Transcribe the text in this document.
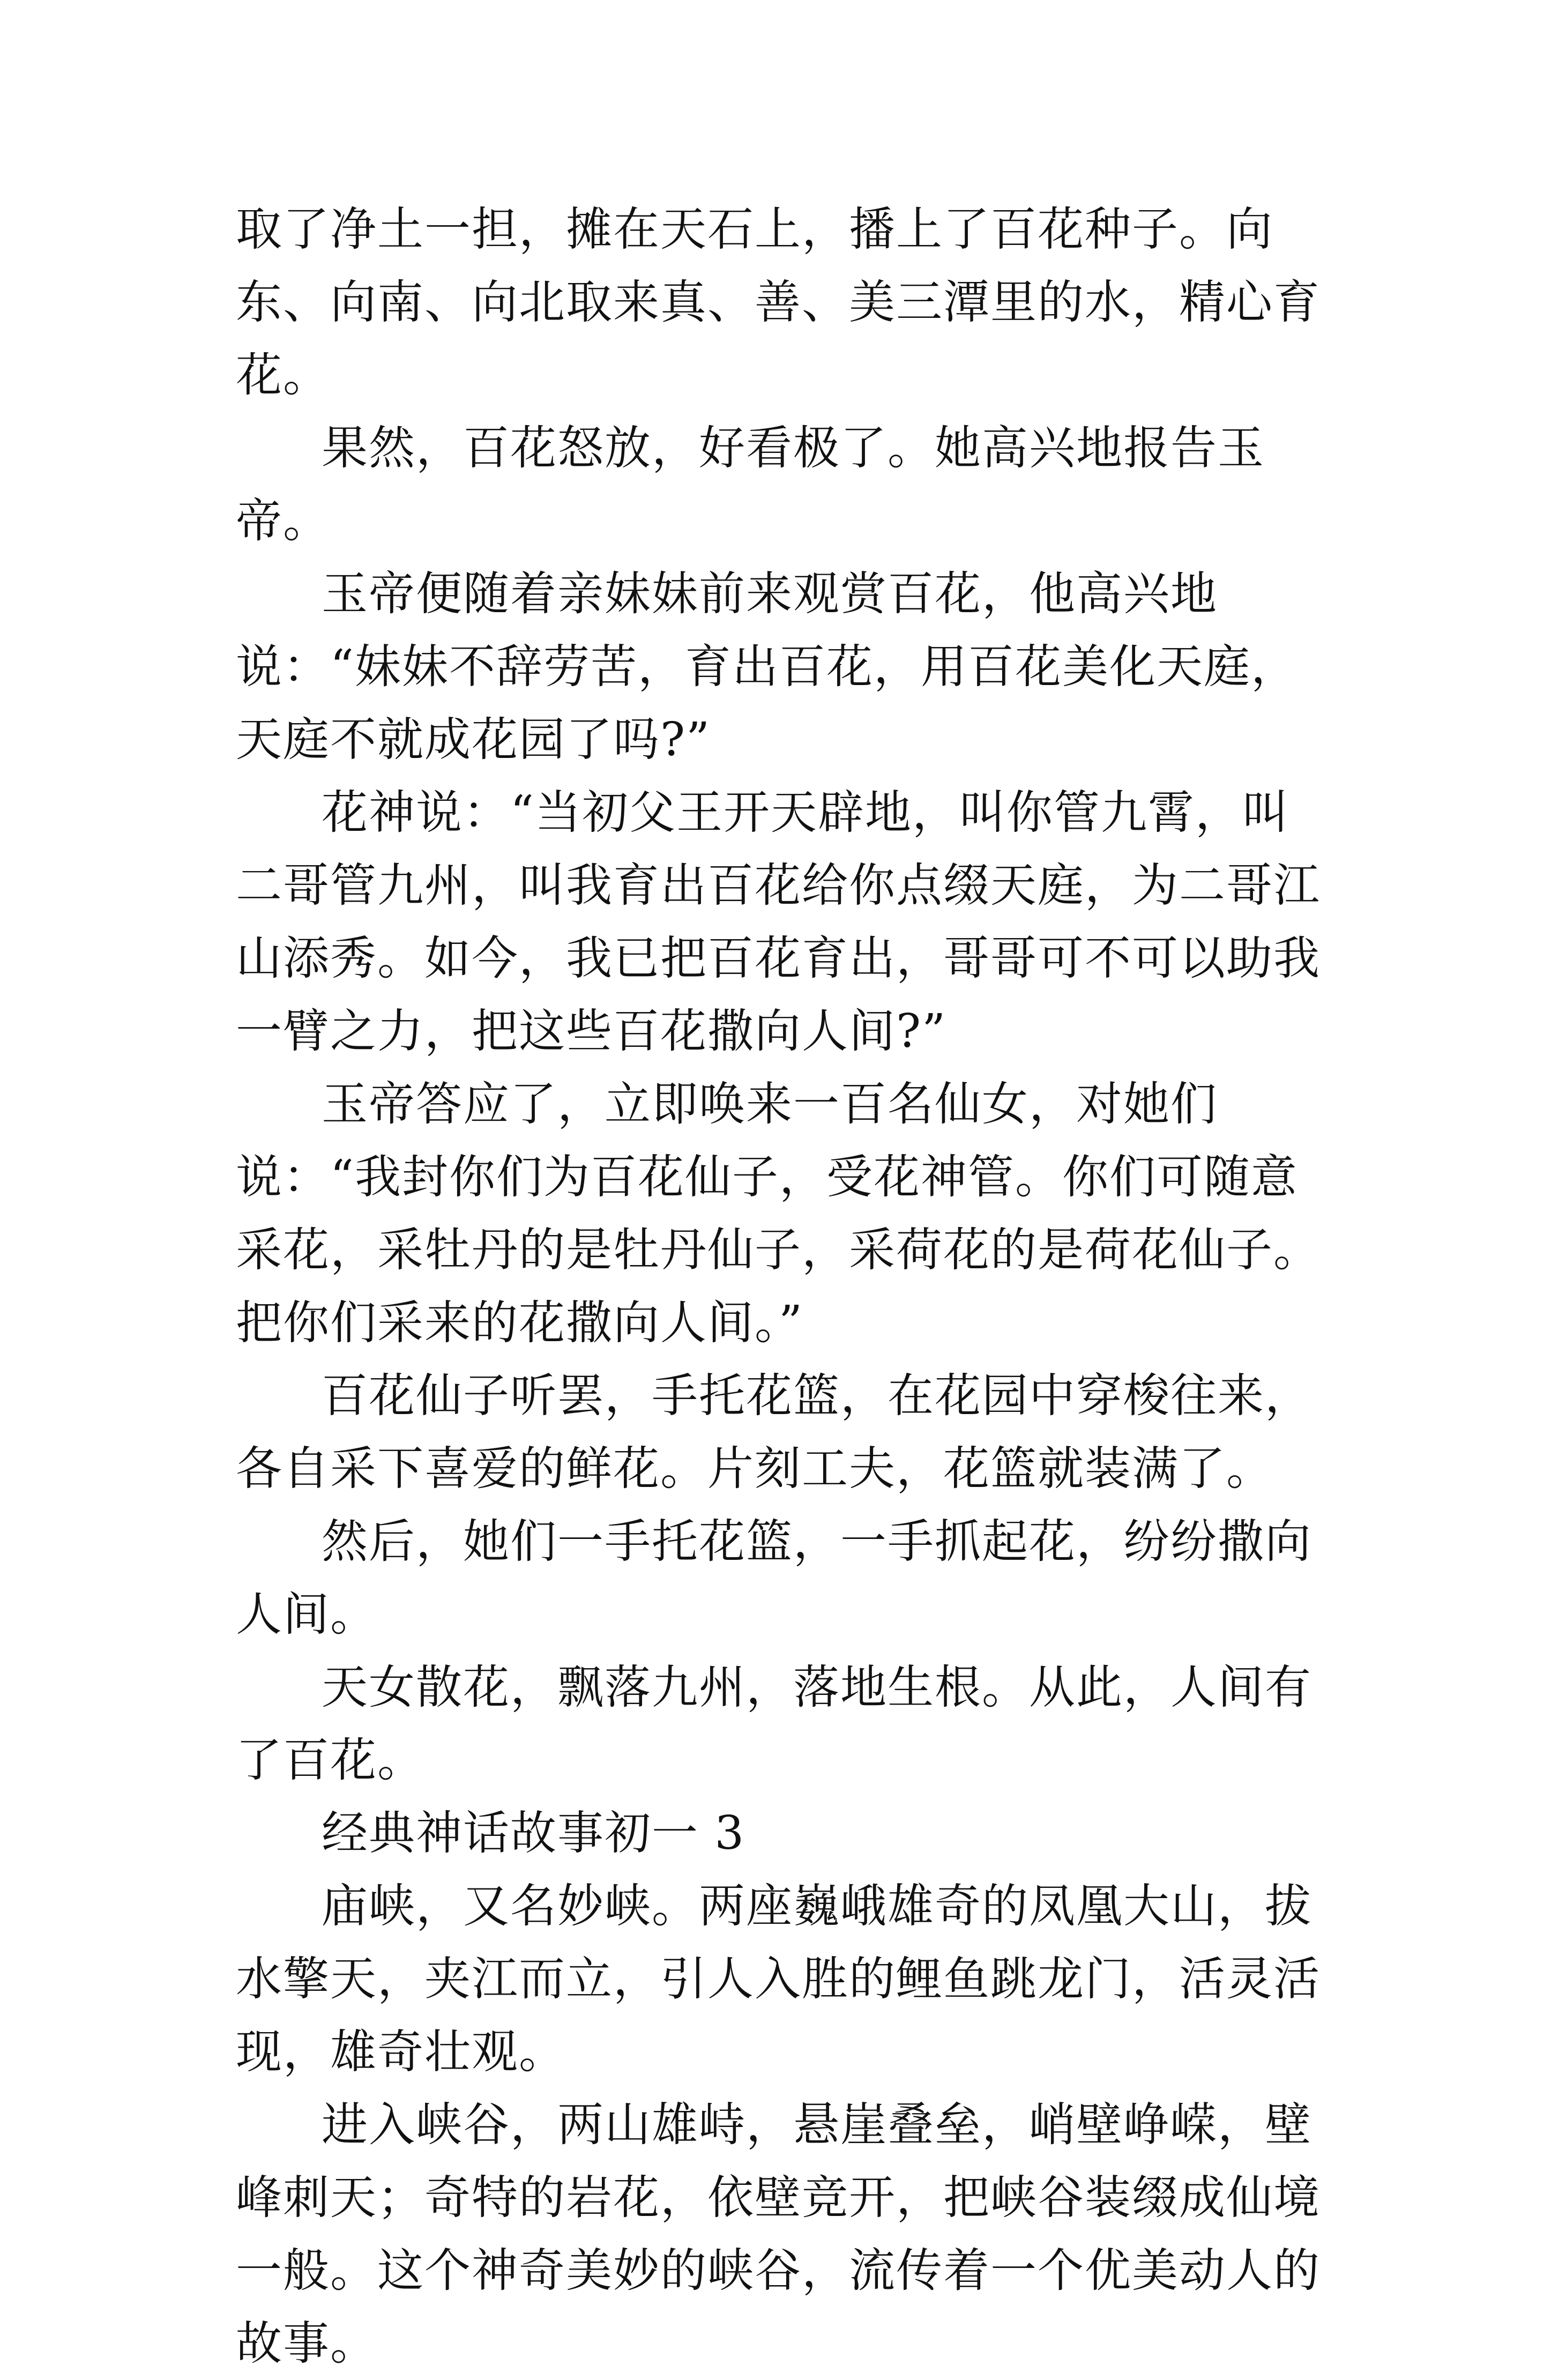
取了净土一担，摊在天石上，播上了百花种子。向东、向南、向北取来真、善、美三潭里的水，精心育花。

果然，百花怒放，好看极了。她高兴地报告玉帝。

玉帝便随着亲妹妹前来观赏百花，他高兴地说：“妹妹不辞劳苦，育出百花，用百花美化天庭，天庭不就成花园了吗?”

花神说：“当初父王开天辟地，叫你管九霄，叫二哥管九州，叫我育出百花给你点缀天庭，为二哥江山添秀。如今，我已把百花育出，哥哥可不可以助我一臂之力，把这些百花撒向人间?”

玉帝答应了，立即唤来一百名仙女，对她们说：“我封你们为百花仙子，受花神管。你们可随意采花，采牡丹的是牡丹仙子，采荷花的是荷花仙子。把你们采来的花撒向人间。”

百花仙子听罢，手托花篮，在花园中穿梭往来，各自采下喜爱的鲜花。片刻工夫，花篮就装满了。

然后，她们一手托花篮，一手抓起花，纷纷撒向人间。

天女散花，飘落九州，落地生根。从此，人间有了百花。

经典神话故事初一 3

庙峡，又名妙峡。两座巍峨雄奇的凤凰大山，拔水擎天，夹江而立，引人入胜的鲤鱼跳龙门，活灵活现，雄奇壮观。

进入峡谷，两山雄峙，悬崖叠垒，峭壁峥嵘，壁峰刺天；奇特的岩花，依壁竞开，把峡谷装缀成仙境一般。这个神奇美妙的峡谷，流传着一个优美动人的故事。
